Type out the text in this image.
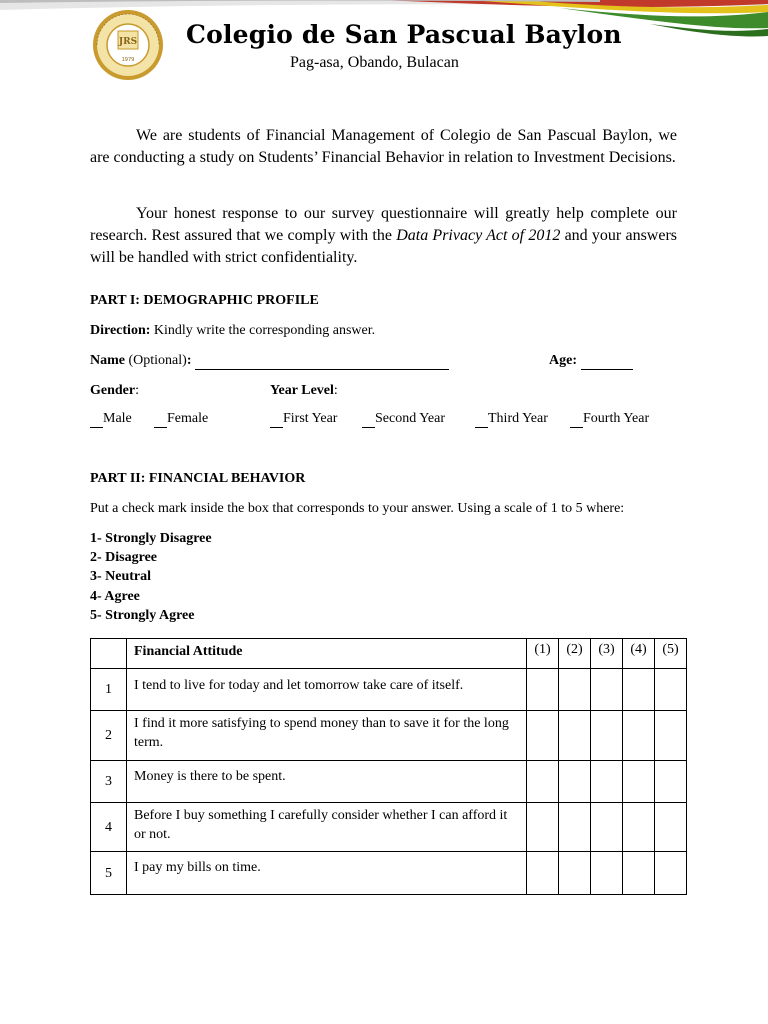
JRS
1979
Colegio de San Pascual Baylon
Pag-asa, Obando, Bulacan
We are students of Financial Management of Colegio de San Pascual Baylon, we are conducting a study on Students’ Financial Behavior in relation to Investment Decisions.
Your honest response to our survey questionnaire will greatly help complete our research. Rest assured that we comply with the Data Privacy Act of 2012 and your answers will be handled with strict confidentiality.
PART I: DEMOGRAPHIC PROFILE
Direction: Kindly write the corresponding answer.
Name (Optional):	Age:
Gender:	Year Level:
Male	Female	First Year	Second Year	Third Year	Fourth Year
PART II: FINANCIAL BEHAVIOR
Put a check mark inside the box that corresponds to your answer. Using a scale of 1 to 5 where:
1- Strongly Disagree
2- Disagree
3- Neutral
4- Agree
5- Strongly Agree
	Financial Attitude	(1)	(2)	(3)	(4)	(5)
1	I tend to live for today and let tomorrow take care of itself.					
2	I find it more satisfying to spend money than to save it for the long term.					
3	Money is there to be spent.					
4	Before I buy something I carefully consider whether I can afford it or not.					
5	I pay my bills on time.					
